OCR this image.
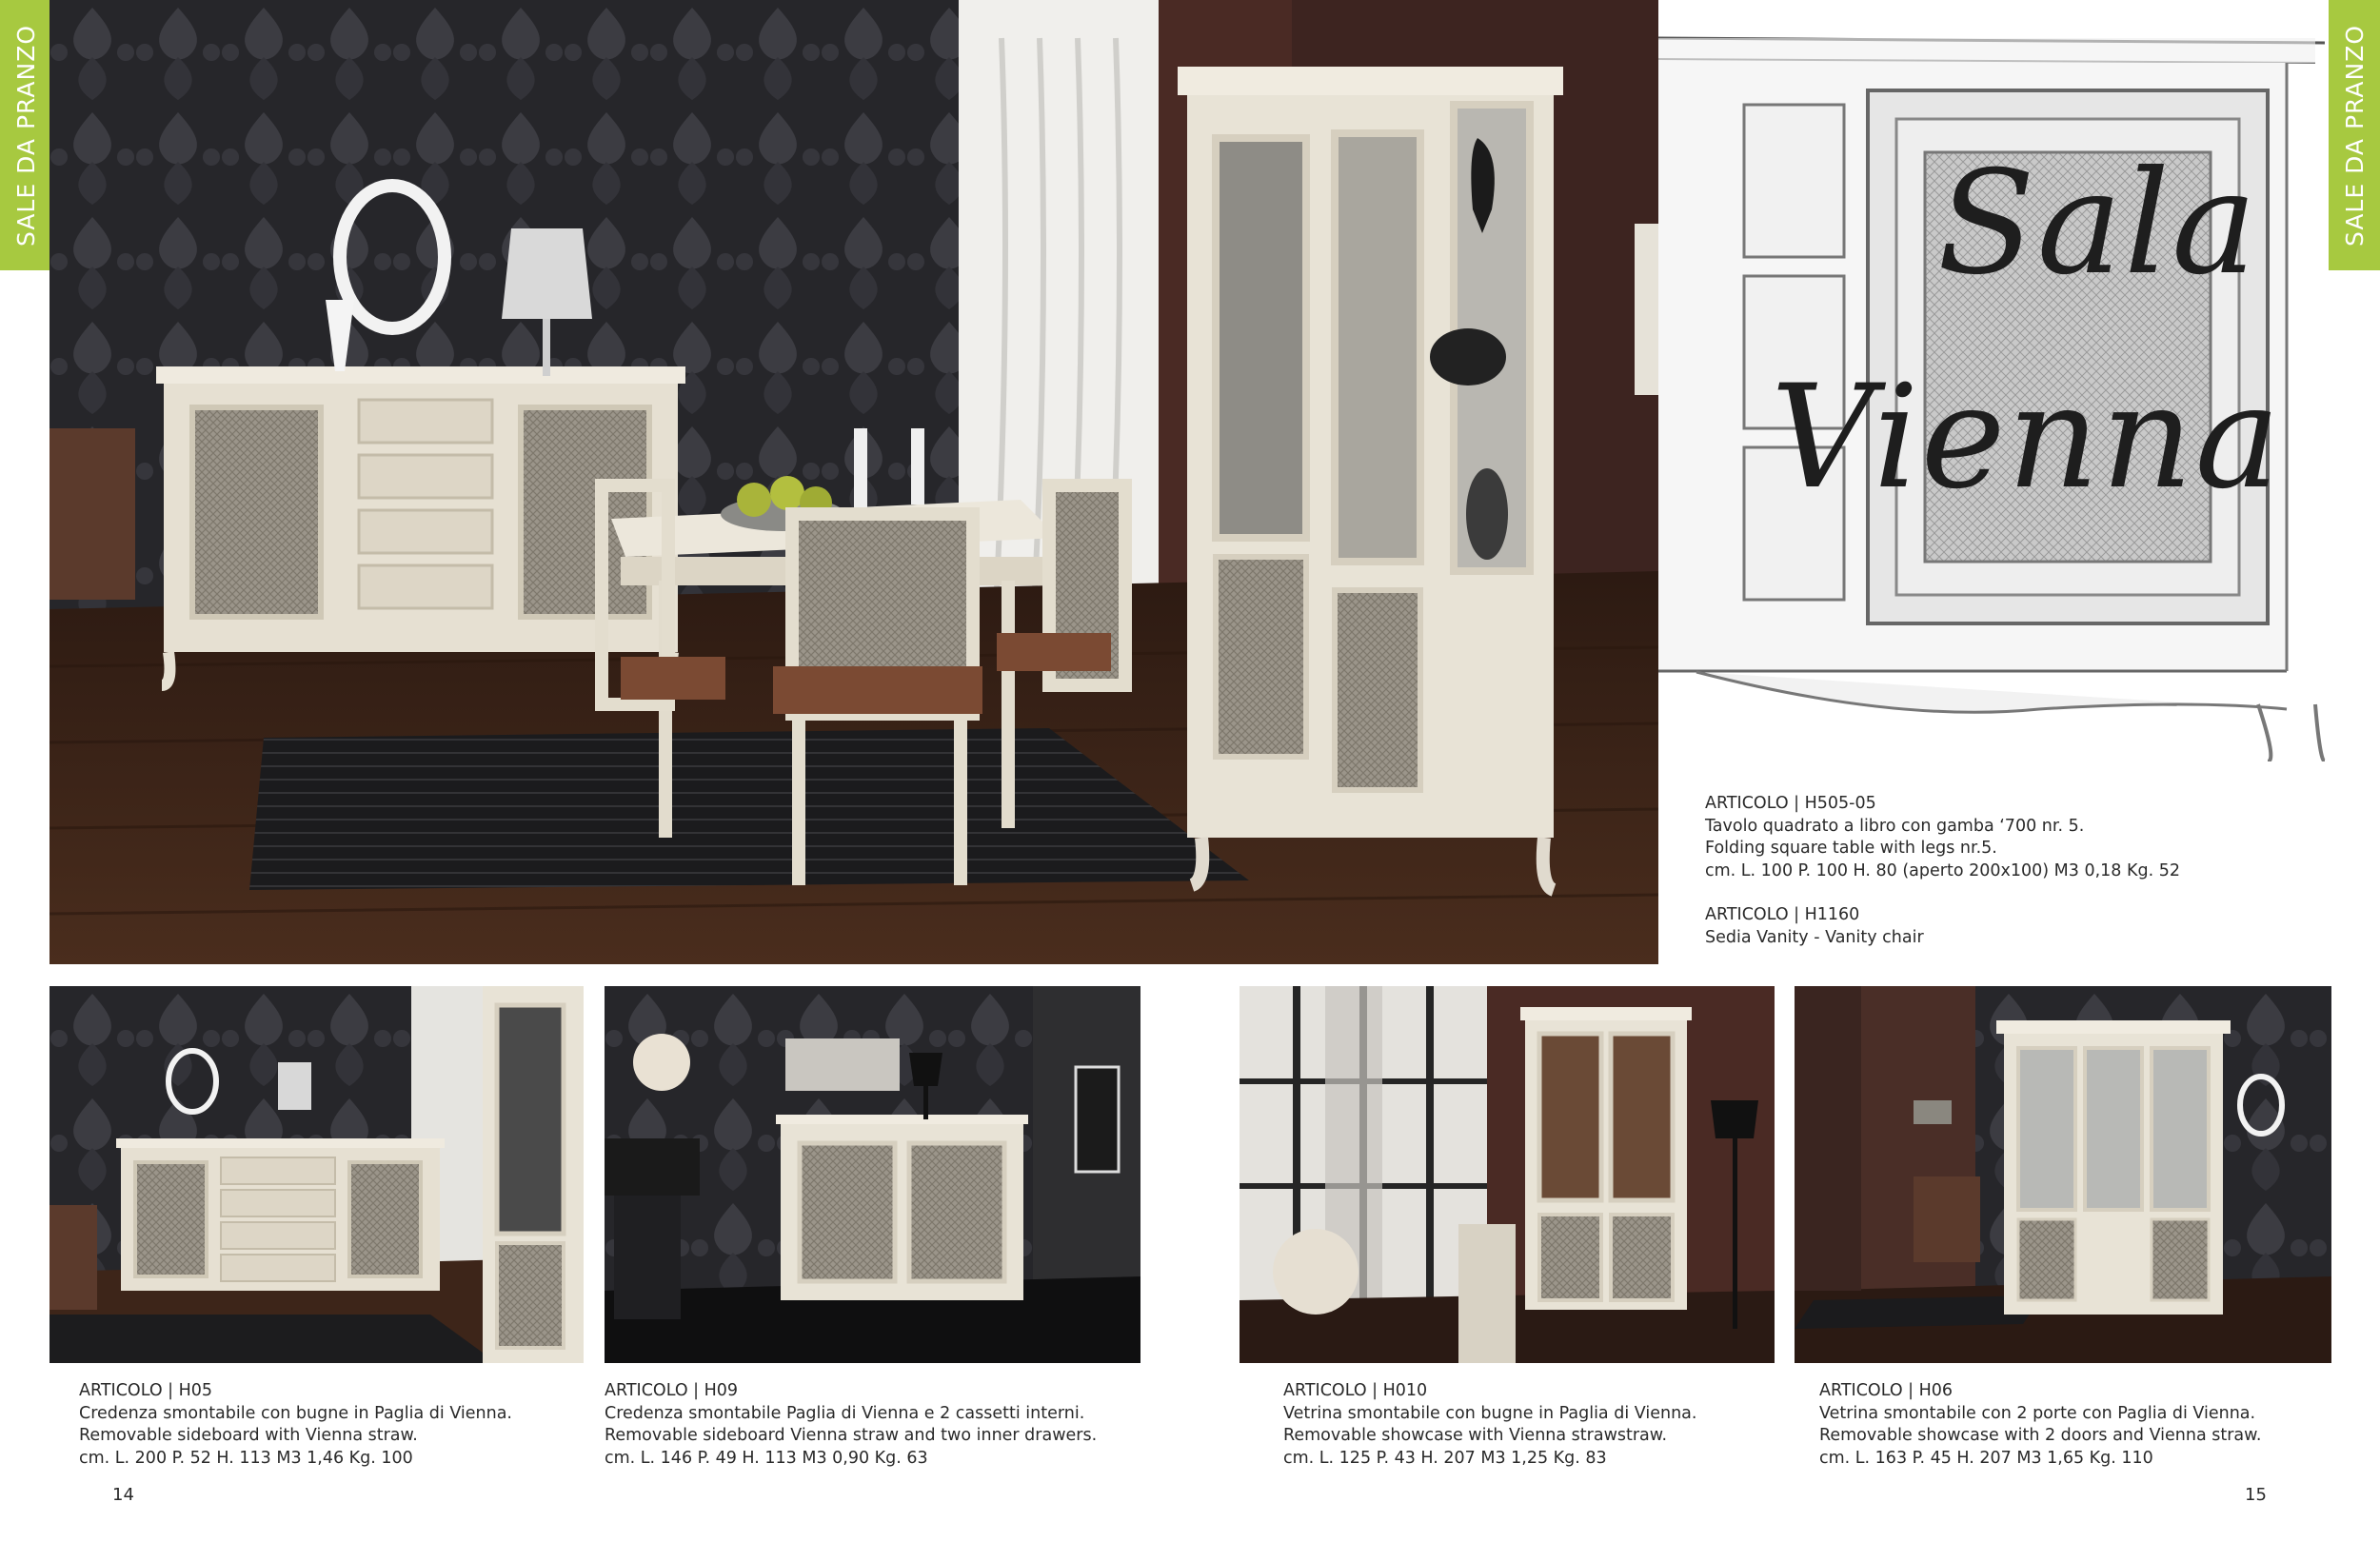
SALE DA PRANZO	SALE DA PRANZO
Sala
Vienna
ARTICOLO | H505-05
Tavolo quadrato a libro con gamba ‘700 nr. 5.
Folding square table with legs nr.5.
cm. L. 100 P. 100 H. 80 (aperto 200x100) M3 0,18 Kg. 52
ARTICOLO | H1160
Sedia Vanity - Vanity chair
ARTICOLO | H05
Credenza smontabile con bugne in Paglia di Vienna.
Removable sideboard with Vienna straw.
cm. L. 200 P. 52 H. 113 M3 1,46 Kg. 100
ARTICOLO | H09
Credenza smontabile Paglia di Vienna e 2 cassetti interni.
Removable sideboard Vienna straw and two inner drawers.
cm. L. 146 P. 49 H. 113 M3 0,90 Kg. 63
ARTICOLO | H010
Vetrina smontabile con bugne in Paglia di Vienna.
Removable showcase with Vienna strawstraw.
cm. L. 125 P. 43 H. 207 M3 1,25 Kg. 83
ARTICOLO | H06
Vetrina smontabile con 2 porte con Paglia di Vienna.
Removable showcase with 2 doors and Vienna straw.
cm. L. 163 P. 45 H. 207 M3 1,65 Kg. 110
14	15
